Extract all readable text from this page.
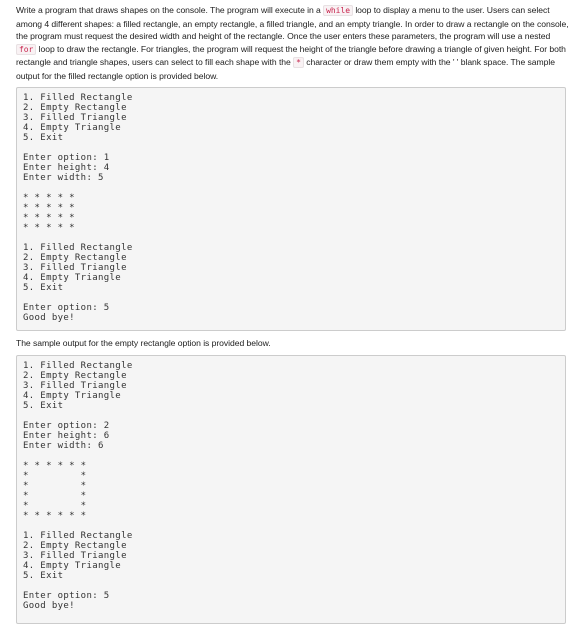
Write a program that draws shapes on the console. The program will execute in a while loop to display a menu to the user. Users can select among 4 different shapes: a filled rectangle, an empty rectangle, a filled triangle, and an empty triangle. In order to draw a rectangle on the console, the program must request the desired width and height of the rectangle. Once the user enters these parameters, the program will use a nested for loop to draw the rectangle. For triangles, the program will request the height of the triangle before drawing a triangle of given height. For both rectangle and triangle shapes, users can select to fill each shape with the * character or draw them empty with the ' ' blank space. The sample output for the filled rectangle option is provided below.

1. Filled Rectangle
2. Empty Rectangle
3. Filled Triangle
4. Empty Triangle
5. Exit
Enter option: 1
Enter height: 4
Enter width: 5
* * * * *
* * * * *
* * * * *
* * * * *
1. Filled Rectangle
2. Empty Rectangle
3. Filled Triangle
4. Empty Triangle
5. Exit
Enter option: 5
Good bye!

The sample output for the empty rectangle option is provided below.

1. Filled Rectangle
2. Empty Rectangle
3. Filled Triangle
4. Empty Triangle
5. Exit
Enter option: 2
Enter height: 6
Enter width: 6
* * * * * *
*         *
*         *
*         *
*         *
* * * * * *
1. Filled Rectangle
2. Empty Rectangle
3. Filled Triangle
4. Empty Triangle
5. Exit
Enter option: 5
Good bye!
